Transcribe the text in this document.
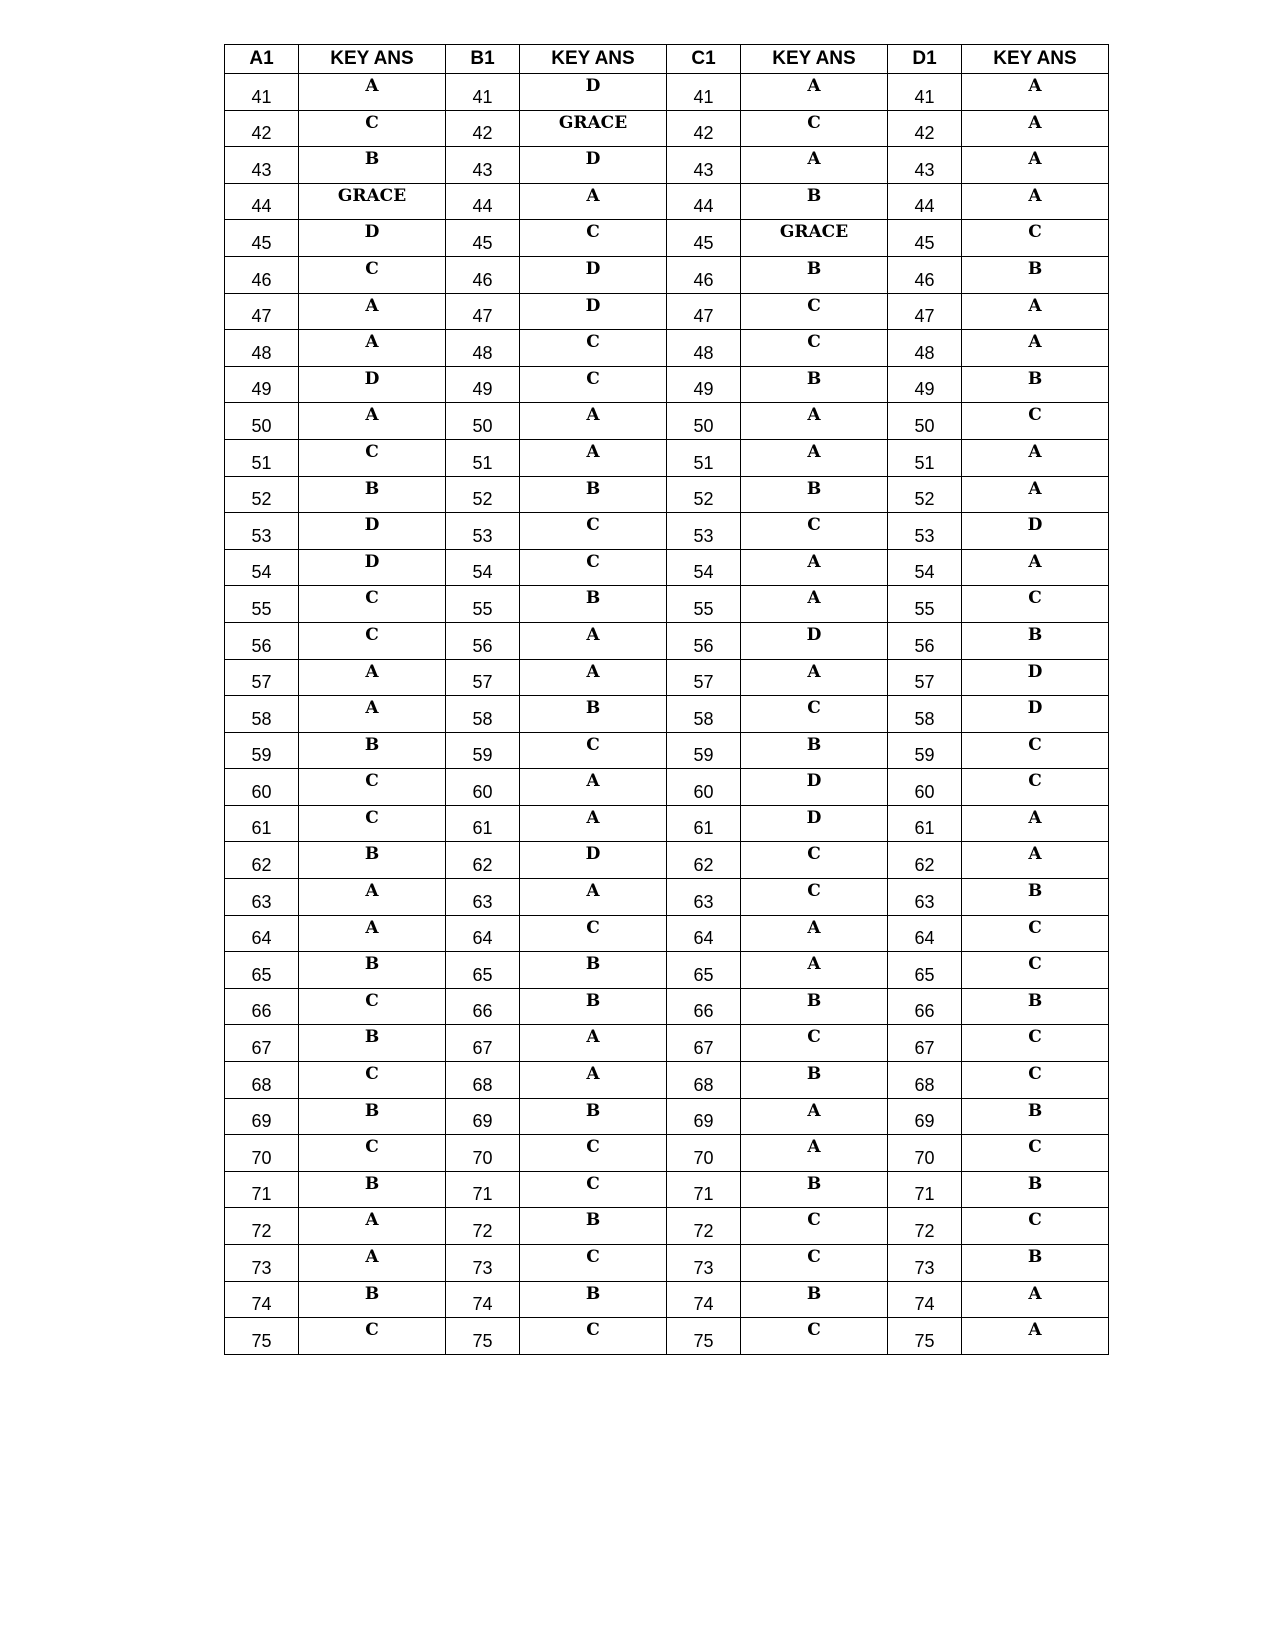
A1	KEY ANS	B1	KEY ANS	C1	KEY ANS	D1	KEY ANS
41	A	41	D	41	A	41	A
42	C	42	GRACE	42	C	42	A
43	B	43	D	43	A	43	A
44	GRACE	44	A	44	B	44	A
45	D	45	C	45	GRACE	45	C
46	C	46	D	46	B	46	B
47	A	47	D	47	C	47	A
48	A	48	C	48	C	48	A
49	D	49	C	49	B	49	B
50	A	50	A	50	A	50	C
51	C	51	A	51	A	51	A
52	B	52	B	52	B	52	A
53	D	53	C	53	C	53	D
54	D	54	C	54	A	54	A
55	C	55	B	55	A	55	C
56	C	56	A	56	D	56	B
57	A	57	A	57	A	57	D
58	A	58	B	58	C	58	D
59	B	59	C	59	B	59	C
60	C	60	A	60	D	60	C
61	C	61	A	61	D	61	A
62	B	62	D	62	C	62	A
63	A	63	A	63	C	63	B
64	A	64	C	64	A	64	C
65	B	65	B	65	A	65	C
66	C	66	B	66	B	66	B
67	B	67	A	67	C	67	C
68	C	68	A	68	B	68	C
69	B	69	B	69	A	69	B
70	C	70	C	70	A	70	C
71	B	71	C	71	B	71	B
72	A	72	B	72	C	72	C
73	A	73	C	73	C	73	B
74	B	74	B	74	B	74	A
75	C	75	C	75	C	75	A
